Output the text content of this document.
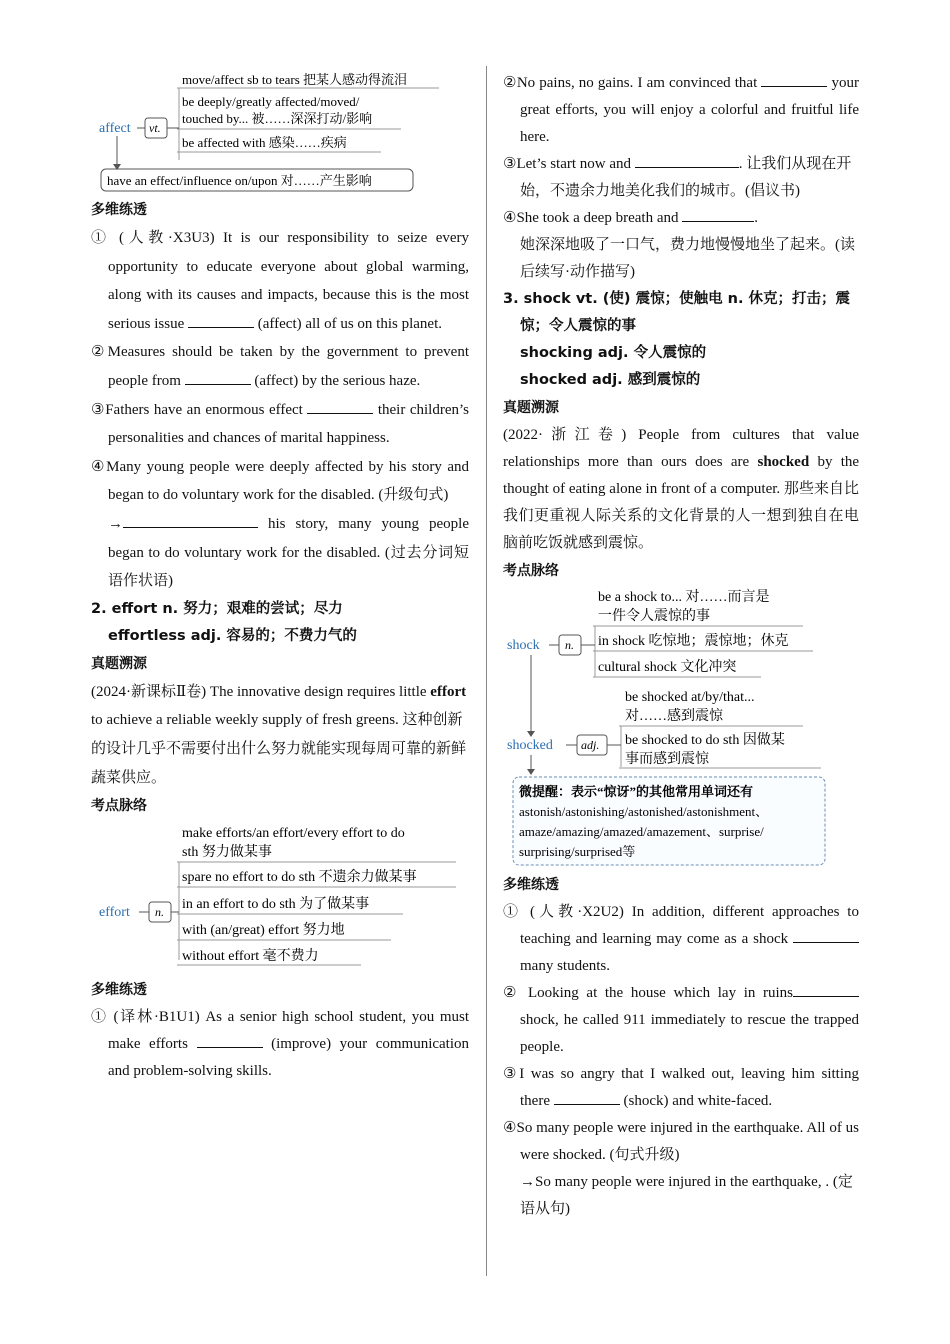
move/affect sb to tears 把某人感动得流泪
be deeply/greatly affected/moved/
touched by... 被……深深打动/影响
be affected with 感染……疾病
affect vt.
have an effect/influence on/upon 对……产生影响

多维练透

① (人教·X3U3) It is our responsibility to seize every opportunity to educate everyone about global warming, along with its causes and impacts, because this is the most serious issue	(affect) all of us on this planet.
②Measures should be taken by the government to prevent people from	(affect) by the serious haze.
③Fathers have an enormous effect	their children’s personalities and chances of marital happiness.
④Many young people were deeply affected by his story and began to do voluntary work for the disabled. (升级句式)
→	his story, many young people began to do voluntary work for the disabled. (过去分词短语作状语)

2. effort n. 努力；艰难的尝试；尽力

effortless adj. 容易的；不费力气的

真题溯源

(2024·新课标Ⅱ卷) The innovative design requires little effort to achieve a reliable weekly supply of fresh greens. 这种创新的设计几乎不需要付出什么努力就能实现每周可靠的新鲜蔬菜供应。

考点脉络

make efforts/an effort/every effort to do
sth 努力做某事
spare no effort to do sth 不遗余力做某事
in an effort to do sth 为了做某事
with (an/great) effort 努力地
without effort 毫不费力
effort n.

多维练透

① (译林·B1U1) As a senior high school student, you must make efforts	(improve) your communication and problem-solving skills.
②No pains, no gains. I am convinced that	your great efforts, you will enjoy a colorful and fruitful life here.
③Let’s start now and	. 让我们从现在开始，不遗余力地美化我们的城市。(倡议书)
④She took a deep breath and	.
她深深地吸了一口气，费力地慢慢地坐了起来。(读后续写·动作描写)

3. shock vt. (使) 震惊；使触电 n. 休克；打击；震惊；令人震惊的事

shocking adj. 令人震惊的

shocked adj. 感到震惊的

真题溯源

(2022·浙江卷) People from cultures that value relationships more than ours does are shocked by the thought of eating alone in front of a computer. 那些来自比我们更重视人际关系的文化背景的人一想到独自在电脑前吃饭就感到震惊。

考点脉络

be a shock to... 对……而言是
一件令人震惊的事
in shock 吃惊地；震惊地；休克
cultural shock 文化冲突
shock n.
be shocked at/by/that...
对……感到震惊
be shocked to do sth 因做某
事而感到震惊
shocked adj.
微提醒：表示“惊讶”的其他常用单词还有
astonish/astonishing/astonished/astonishment、
amaze/amazing/amazed/amazement、surprise/
surprising/surprised等

多维练透

① (人教·X2U2) In addition, different approaches to teaching and learning may come as a shock  many students.
② Looking at the house which lay in ruins shock, he called 911 immediately to rescue the trapped people.
③I was so angry that I walked out, leaving him sitting there	(shock) and white-faced.
④So many people were injured in the earthquake. All of us were shocked. (句式升级)
→So many people were injured in the earthquake, . (定语从句)
